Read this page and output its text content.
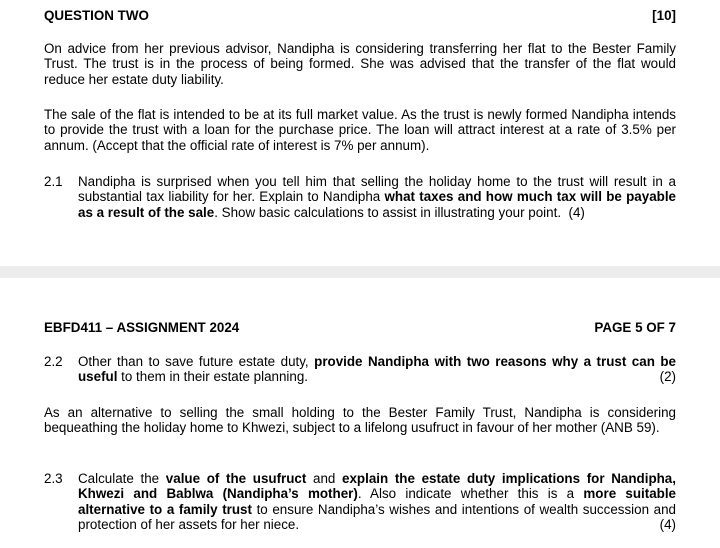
QUESTION TWO	[10]
On advice from her previous advisor, Nandipha is considering transferring her flat to the Bester Family Trust. The trust is in the process of being formed. She was advised that the transfer of the flat would reduce her estate duty liability.
The sale of the flat is intended to be at its full market value. As the trust is newly formed Nandipha intends to provide the trust with a loan for the purchase price. The loan will attract interest at a rate of 3.5% per annum. (Accept that the official rate of interest is 7% per annum).
2.1 Nandipha is surprised when you tell him that selling the holiday home to the trust will result in a substantial tax liability for her. Explain to Nandipha what taxes and how much tax will be payable as a result of the sale. Show basic calculations to assist in illustrating your point. (4)
EBFD411 – ASSIGNMENT 2024	PAGE 5 OF 7
2.2 Other than to save future estate duty, provide Nandipha with two reasons why a trust can be useful to them in their estate planning.	(2)
As an alternative to selling the small holding to the Bester Family Trust, Nandipha is considering bequeathing the holiday home to Khwezi, subject to a lifelong usufruct in favour of her mother (ANB 59).
2.3 Calculate the value of the usufruct and explain the estate duty implications for Nandipha, Khwezi and Bablwa (Nandipha’s mother). Also indicate whether this is a more suitable alternative to a family trust to ensure Nandipha’s wishes and intentions of wealth succession and protection of her assets for her niece.	(4)
